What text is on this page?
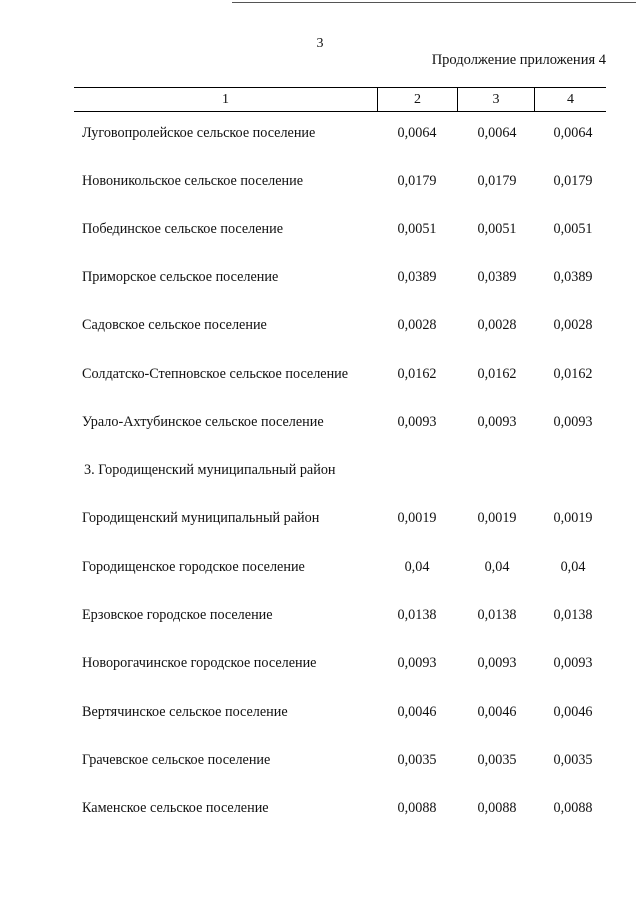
3
Продолжение приложения 4
1	2	3	4
Луговопролейское сельское поселение	0,0064	0,0064	0,0064
Новоникольское сельское поселение	0,0179	0,0179	0,0179
Побединское сельское поселение	0,0051	0,0051	0,0051
Приморское сельское поселение	0,0389	0,0389	0,0389
Садовское сельское поселение	0,0028	0,0028	0,0028
Солдатско-Степновское сельское поселение	0,0162	0,0162	0,0162
Урало-Ахтубинское сельское поселение	0,0093	0,0093	0,0093
3. Городищенский муниципальный район
Городищенский муниципальный район	0,0019	0,0019	0,0019
Городищенское городское поселение	0,04	0,04	0,04
Ерзовское городское поселение	0,0138	0,0138	0,0138
Новорогачинское городское поселение	0,0093	0,0093	0,0093
Вертячинское сельское поселение	0,0046	0,0046	0,0046
Грачевское сельское поселение	0,0035	0,0035	0,0035
Каменское сельское поселение	0,0088	0,0088	0,0088
